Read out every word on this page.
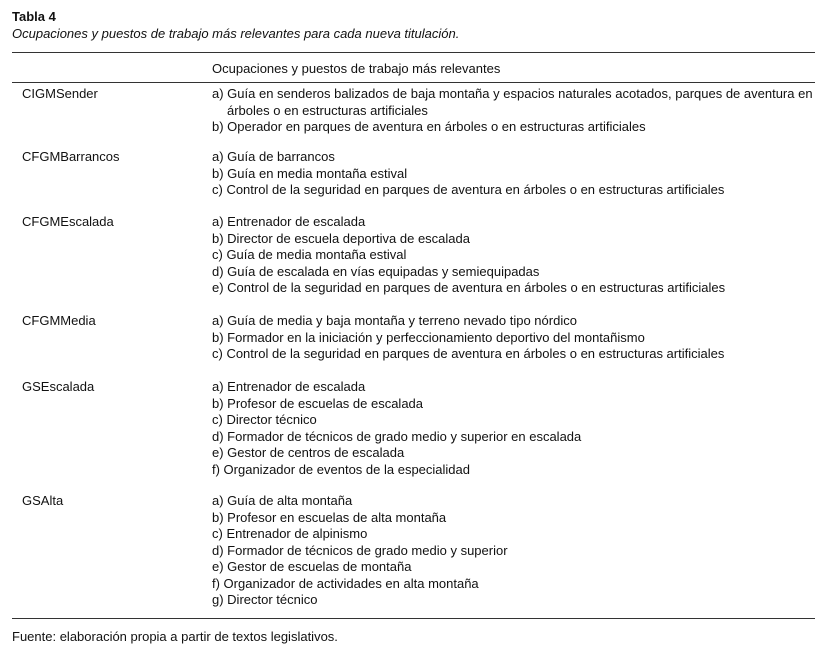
Tabla 4
Ocupaciones y puestos de trabajo más relevantes para cada nueva titulación.
Ocupaciones y puestos de trabajo más relevantes
CIGMSender	a) Guía en senderos balizados de baja montaña y espacios naturales acotados, parques de aventura en árboles o en estructuras artificiales
b) Operador en parques de aventura en árboles o en estructuras artificiales
CFGMBarrancos	a) Guía de barrancos
b) Guía en media montaña estival
c) Control de la seguridad en parques de aventura en árboles o en estructuras artificiales
CFGMEscalada	a) Entrenador de escalada
b) Director de escuela deportiva de escalada
c) Guía de media montaña estival
d) Guía de escalada en vías equipadas y semiequipadas
e) Control de la seguridad en parques de aventura en árboles o en estructuras artificiales
CFGMMedia	a) Guía de media y baja montaña y terreno nevado tipo nórdico
b) Formador en la iniciación y perfeccionamiento deportivo del montañismo
c) Control de la seguridad en parques de aventura en árboles o en estructuras artificiales
GSEscalada	a) Entrenador de escalada
b) Profesor de escuelas de escalada
c) Director técnico
d) Formador de técnicos de grado medio y superior en escalada
e) Gestor de centros de escalada
f) Organizador de eventos de la especialidad
GSAlta	a) Guía de alta montaña
b) Profesor en escuelas de alta montaña
c) Entrenador de alpinismo
d) Formador de técnicos de grado medio y superior
e) Gestor de escuelas de montaña
f) Organizador de actividades en alta montaña
g) Director técnico
Fuente: elaboración propia a partir de textos legislativos.
